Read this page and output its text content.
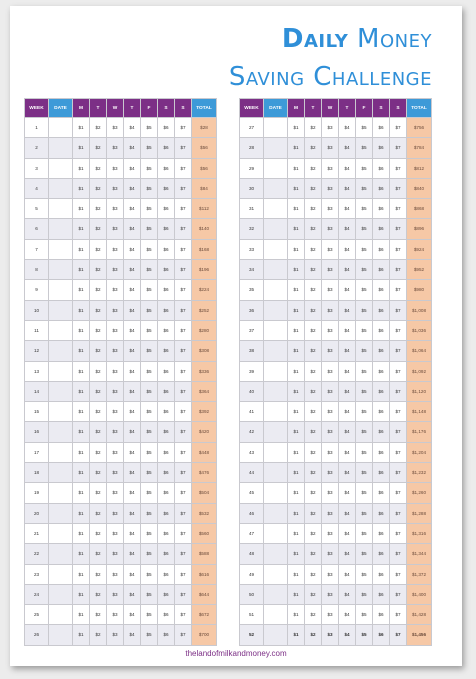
Daily Money
Saving Challenge
WEEK	DATE	M	T	W	T	F	S	S	TOTAL
1		$1	$2	$3	$4	$5	$6	$7	$28
2		$1	$2	$3	$4	$5	$6	$7	$56
3		$1	$2	$3	$4	$5	$6	$7	$56
4		$1	$2	$3	$4	$5	$6	$7	$84
5		$1	$2	$3	$4	$5	$6	$7	$112
6		$1	$2	$3	$4	$5	$6	$7	$140
7		$1	$2	$3	$4	$5	$6	$7	$168
8		$1	$2	$3	$4	$5	$6	$7	$196
9		$1	$2	$3	$4	$5	$6	$7	$224
10		$1	$2	$3	$4	$5	$6	$7	$252
11		$1	$2	$3	$4	$5	$6	$7	$280
12		$1	$2	$3	$4	$5	$6	$7	$308
13		$1	$2	$3	$4	$5	$6	$7	$336
14		$1	$2	$3	$4	$5	$6	$7	$364
15		$1	$2	$3	$4	$5	$6	$7	$392
16		$1	$2	$3	$4	$5	$6	$7	$420
17		$1	$2	$3	$4	$5	$6	$7	$448
18		$1	$2	$3	$4	$5	$6	$7	$476
19		$1	$2	$3	$4	$5	$6	$7	$504
20		$1	$2	$3	$4	$5	$6	$7	$532
21		$1	$2	$3	$4	$5	$6	$7	$560
22		$1	$2	$3	$4	$5	$6	$7	$588
23		$1	$2	$3	$4	$5	$6	$7	$616
24		$1	$2	$3	$4	$5	$6	$7	$644
25		$1	$2	$3	$4	$5	$6	$7	$672
26		$1	$2	$3	$4	$5	$6	$7	$700
WEEK	DATE	M	T	W	T	F	S	S	TOTAL
27		$1	$2	$3	$4	$5	$6	$7	$756
28		$1	$2	$3	$4	$5	$6	$7	$784
29		$1	$2	$3	$4	$5	$6	$7	$812
30		$1	$2	$3	$4	$5	$6	$7	$840
31		$1	$2	$3	$4	$5	$6	$7	$868
32		$1	$2	$3	$4	$5	$6	$7	$896
33		$1	$2	$3	$4	$5	$6	$7	$924
34		$1	$2	$3	$4	$5	$6	$7	$952
35		$1	$2	$3	$4	$5	$6	$7	$980
36		$1	$2	$3	$4	$5	$6	$7	$1,008
37		$1	$2	$3	$4	$5	$6	$7	$1,036
38		$1	$2	$3	$4	$5	$6	$7	$1,064
39		$1	$2	$3	$4	$5	$6	$7	$1,092
40		$1	$2	$3	$4	$5	$6	$7	$1,120
41		$1	$2	$3	$4	$5	$6	$7	$1,148
42		$1	$2	$3	$4	$5	$6	$7	$1,176
43		$1	$2	$3	$4	$5	$6	$7	$1,204
44		$1	$2	$3	$4	$5	$6	$7	$1,232
45		$1	$2	$3	$4	$5	$6	$7	$1,260
46		$1	$2	$3	$4	$5	$6	$7	$1,288
47		$1	$2	$3	$4	$5	$6	$7	$1,316
48		$1	$2	$3	$4	$5	$6	$7	$1,344
49		$1	$2	$3	$4	$5	$6	$7	$1,372
50		$1	$2	$3	$4	$5	$6	$7	$1,400
51		$1	$2	$3	$4	$5	$6	$7	$1,428
52		$1	$2	$3	$4	$5	$6	$7	$1,456
thelandofmilkandmoney.com
